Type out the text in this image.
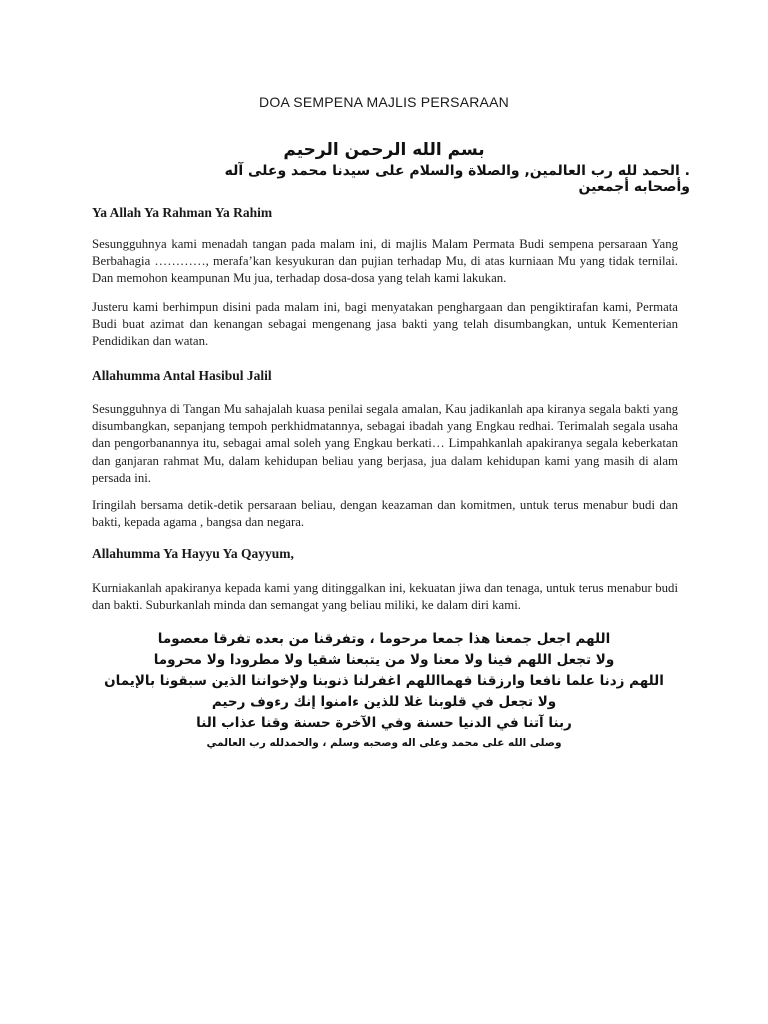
DOA SEMPENA MAJLIS PERSARAAN

بسم الله الرحمن الرحيم

. الحمد لله رب العالمين, والصلاة والسلام على سيدنا محمد وعلى آله وأصحابه أجمعين

Ya Allah Ya Rahman Ya Rahim

Sesungguhnya kami menadah tangan pada malam ini, di majlis Malam Permata Budi sempena persaraan Yang Berbahagia …………, merafa’kan kesyukuran dan pujian terhadap Mu, di atas kurniaan Mu yang tidak ternilai. Dan memohon keampunan Mu jua, terhadap dosa-dosa yang telah kami lakukan.

Justeru kami berhimpun disini pada malam ini, bagi menyatakan penghargaan dan pengiktirafan kami, Permata Budi buat azimat dan kenangan sebagai mengenang jasa bakti yang telah disumbangkan, untuk Kementerian Pendidikan dan watan.

Allahumma Antal Hasibul Jalil

Sesungguhnya di Tangan Mu sahajalah kuasa penilai segala amalan, Kau jadikanlah apa kiranya segala bakti yang disumbangkan, sepanjang tempoh perkhidmatannya, sebagai ibadah yang Engkau redhai. Terimalah segala usaha dan pengorbanannya itu, sebagai amal soleh yang Engkau berkati… Limpahkanlah apakiranya segala keberkatan dan ganjaran rahmat Mu, dalam kehidupan beliau yang berjasa, jua dalam kehidupan kami yang masih di alam persada ini.

Iringilah bersama detik-detik persaraan beliau, dengan keazaman dan komitmen, untuk terus menabur budi dan bakti, kepada agama , bangsa dan negara.

Allahumma Ya Hayyu Ya Qayyum,

Kurniakanlah apakiranya kepada kami yang ditinggalkan ini, kekuatan jiwa dan tenaga, untuk terus menabur budi dan bakti. Suburkanlah minda dan semangat yang beliau miliki, ke dalam diri kami.

اللهم اجعل جمعنا هذا جمعا مرحوما ، وتفرقنا من بعده تفرقا معصوما

ولا تجعل اللهم فينا ولا معنا ولا من يتبعنا شقيا ولا مطرودا ولا محروما

اللهم زدنا علما نافعا وارزقنا فهمااللهم اغفرلنا ذنوبنا ولإخواننا الذين سبقونا بالإيمان

ولا تجعل في قلوبنا غلا للذين ءامنوا إنك رءوف رحيم

ربنا آتنا في الدنيا حسنة وفي الآخرة حسنة وقنا عذاب النا

وصلى الله على محمد وعلى اله وصحبه وسلم ، والحمدلله رب العالمي
